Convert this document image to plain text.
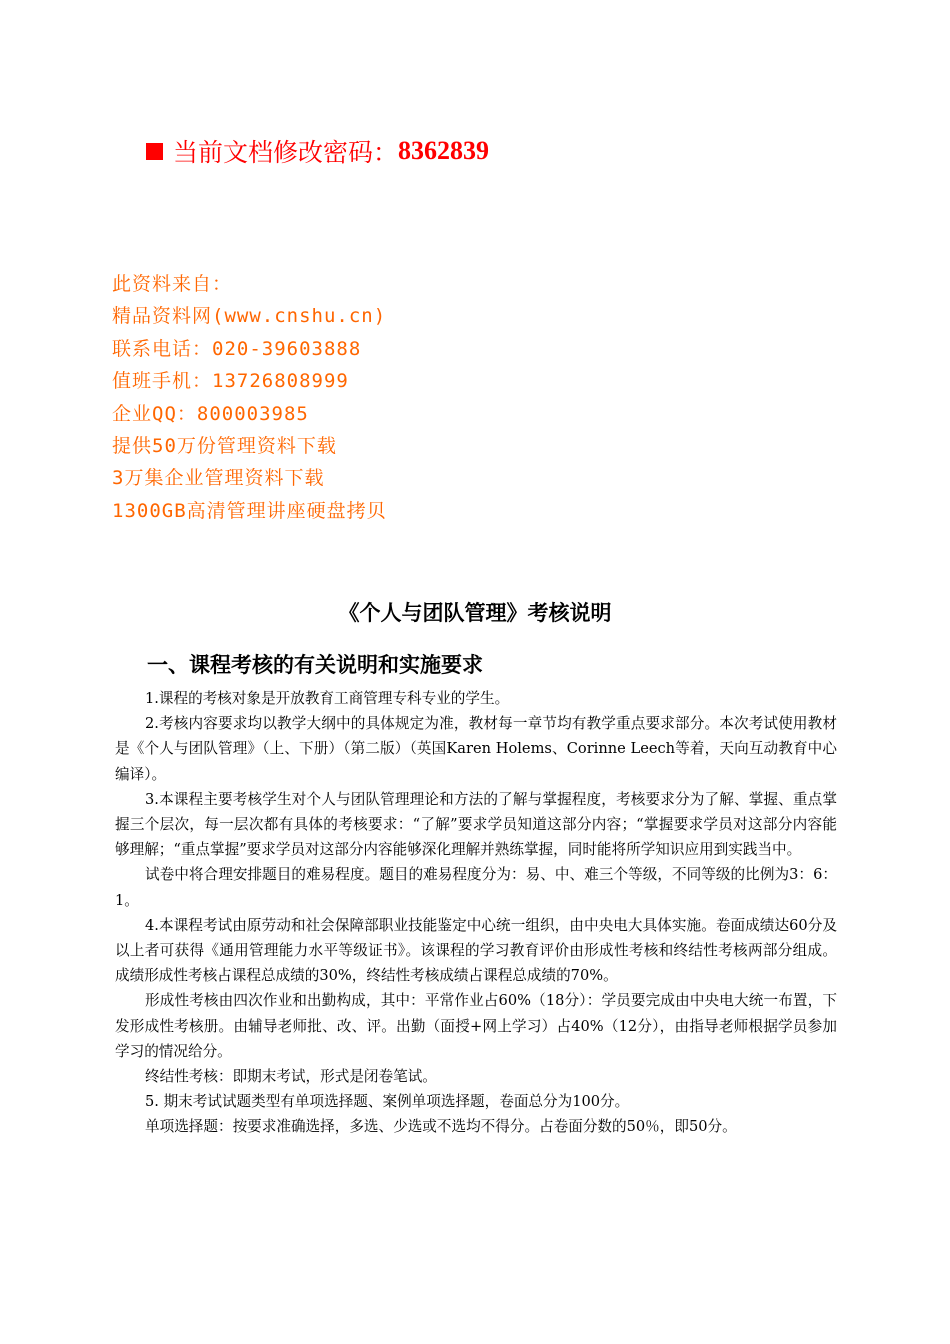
当前文档修改密码： 8362839
此资料来自：
精品资料网(www.cnshu.cn)
联系电话：020-39603888
值班手机：13726808999
企业QQ：800003985
提供50万份管理资料下载
3万集企业管理资料下载
1300GB高清管理讲座硬盘拷贝
《个人与团队管理》考核说明
一、课程考核的有关说明和实施要求

1.课程的考核对象是开放教育工商管理专科专业的学生。

2.考核内容要求均以教学大纲中的具体规定为准，教材每一章节均有教学重点要求部分。本次考试使用教材是《个人与团队管理》（上、下册）（第二版）（英国Karen Holems、Corinne Leech等着，天向互动教育中心编译）。

3.本课程主要考核学生对个人与团队管理理论和方法的了解与掌握程度，考核要求分为了解、掌握、重点掌握三个层次，每一层次都有具体的考核要求：“了解”要求学员知道这部分内容；“掌握要求学员对这部分内容能够理解；“重点掌握”要求学员对这部分内容能够深化理解并熟练掌握，同时能将所学知识应用到实践当中。

试卷中将合理安排题目的难易程度。题目的难易程度分为：易、中、难三个等级，不同等级的比例为3：6：1。

4.本课程考试由原劳动和社会保障部职业技能鉴定中心统一组织，由中央电大具体实施。卷面成绩达60分及以上者可获得《通用管理能力水平等级证书》。该课程的学习教育评价由形成性考核和终结性考核两部分组成。成绩形成性考核占课程总成绩的30%，终结性考核成绩占课程总成绩的70%。

形成性考核由四次作业和出勤构成，其中：平常作业占60%（18分）：学员要完成由中央电大统一布置，下发形成性考核册。由辅导老师批、改、评。出勤（面授+网上学习）占40%（12分），由指导老师根据学员参加学习的情况给分。

终结性考核：即期末考试，形式是闭卷笔试。

5. 期末考试试题类型有单项选择题、案例单项选择题，卷面总分为100分。

单项选择题：按要求准确选择，多选、少选或不选均不得分。占卷面分数的50％，即50分。
